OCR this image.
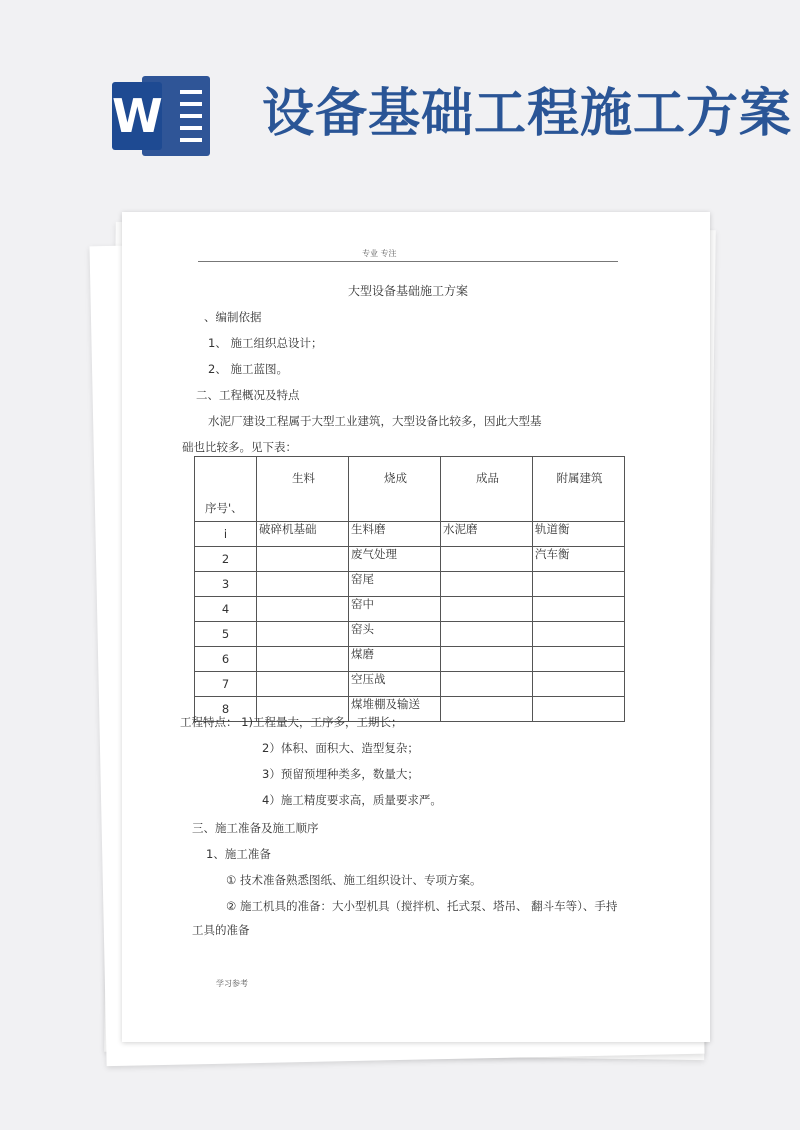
W 设备基础工程施工方案
专业 专注
大型设备基础施工方案
、编制依据
1、 施工组织总设计；
2、 施工蓝图。
二、工程概况及特点
水泥厂建设工程属于大型工业建筑，大型设备比较多，因此大型基
础也比较多。见下表：
序号'、	生料	烧成	成品	附属建筑
i	破碎机基础	生料磨	水泥磨	轨道衡
2		废气处理		汽车衡
3		窑尾		
4		窑中		
5		窑头		
6		煤磨		
7		空压战		
8		煤堆棚及输送		
工程特点： 1)工程量大，工序多，工期长；
2）体积、面积大、造型复杂；
3）预留预埋种类多，数量大；
4）施工精度要求高，质量要求严。
三、施工准备及施工顺序
1、施工准备
① 技术准备熟悉图纸、施工组织设计、专项方案。
② 施工机具的准备：大小型机具（搅拌机、托式泵、塔吊、 翻斗车等）、手持
工具的准备
学习参考
